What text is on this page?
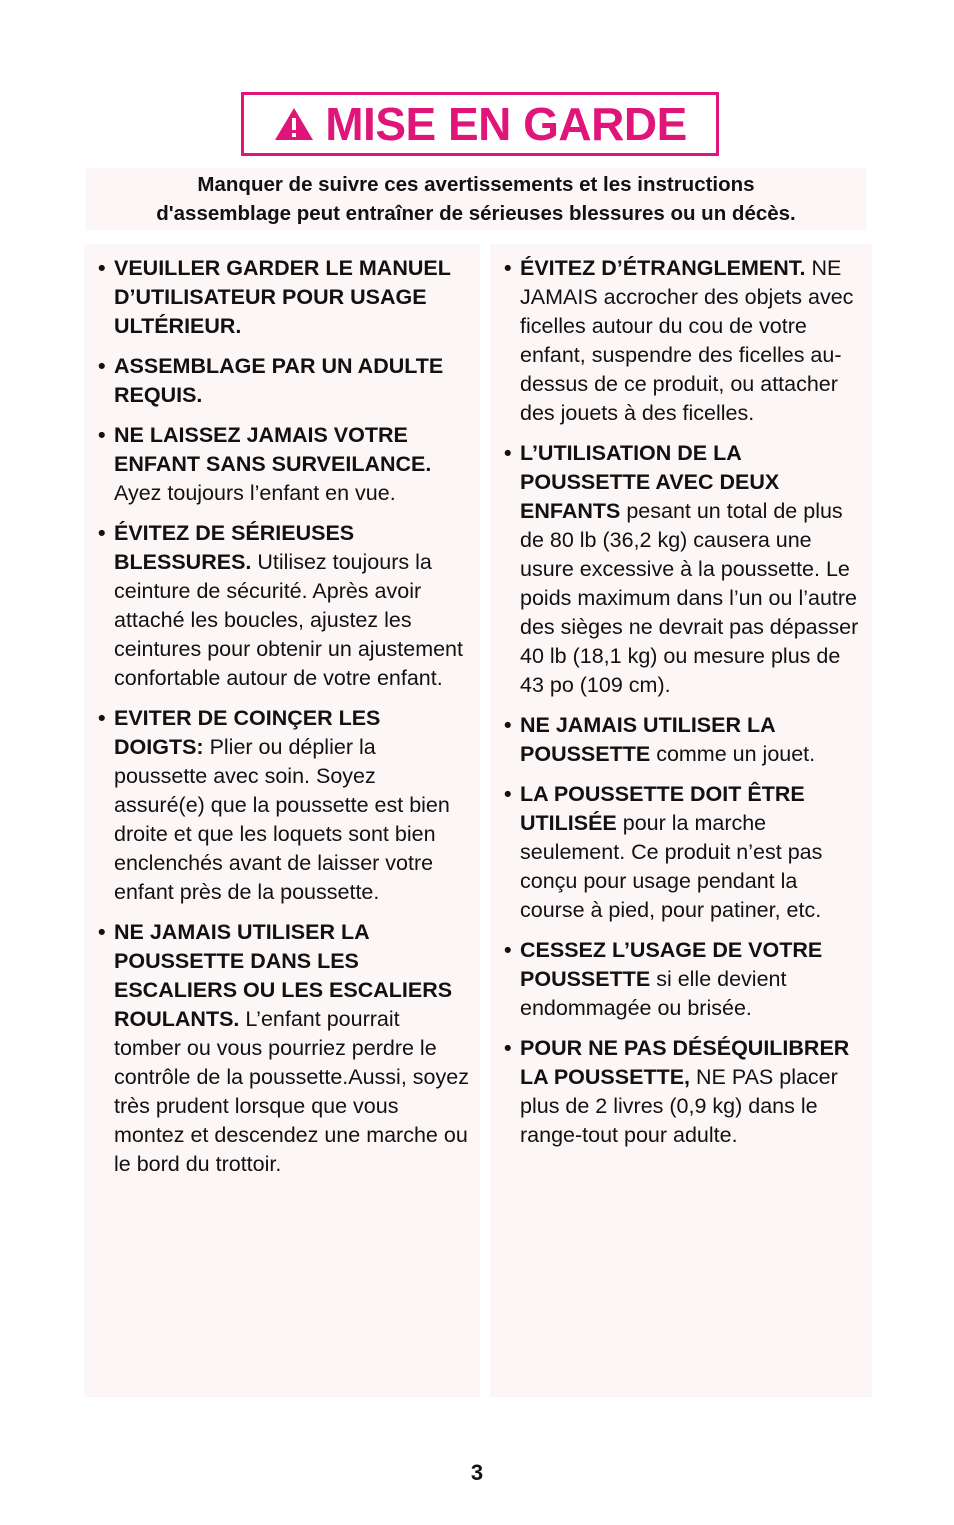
MISE EN GARDE
Manquer de suivre ces avertissements et les instructions
d'assemblage peut entraîner de sérieuses blessures ou un décès.
• VEUILLER GARDER LE MANUEL D’UTILISATEUR POUR USAGE ULTÉRIEUR.
• ASSEMBLAGE PAR UN ADULTE REQUIS.
• NE LAISSEZ JAMAIS VOTRE ENFANT SANS SURVEILANCE. Ayez toujours l’enfant en vue.
• ÉVITEZ DE SÉRIEUSES BLESSURES. Utilisez toujours la ceinture de sécurité. Après avoir attaché les boucles, ajustez les ceintures pour obtenir un ajustement confortable autour de votre enfant.
• EVITER DE COINÇER LES DOIGTS: Plier ou déplier la poussette avec soin. Soyez assuré(e) que la poussette est bien droite et que les loquets sont bien enclenchés avant de laisser votre enfant près de la poussette.
• NE JAMAIS UTILISER LA POUSSETTE DANS LES ESCALIERS OU LES ESCALIERS ROULANTS. L’enfant pourrait tomber ou vous pourriez perdre le contrôle de la poussette.Aussi, soyez très prudent lorsque que vous montez et descendez une marche ou le bord du trottoir.
• ÉVITEZ D’ÉTRANGLEMENT. NE JAMAIS accrocher des objets avec ficelles autour du cou de votre enfant, suspendre des ficelles au-dessus de ce produit, ou attacher des jouets à des ficelles.
• L’UTILISATION DE LA POUSSETTE AVEC DEUX ENFANTS pesant un total de plus de 80 lb (36,2 kg) causera une usure excessive à la poussette. Le poids maximum dans l’un ou l’autre des sièges ne devrait pas dépasser 40 lb (18,1 kg) ou mesure plus de 43 po (109 cm).
• NE JAMAIS UTILISER LA POUSSETTE comme un jouet.
• LA POUSSETTE DOIT ÊTRE UTILISÉE pour la marche seulement. Ce produit n’est pas conçu pour usage pendant la course à pied, pour patiner, etc.
• CESSEZ L’USAGE DE VOTRE POUSSETTE si elle devient endommagée ou brisée.
• POUR NE PAS DÉSÉQUILIBRER LA POUSSETTE, NE PAS placer plus de 2 livres (0,9 kg) dans le range-tout pour adulte.
3
